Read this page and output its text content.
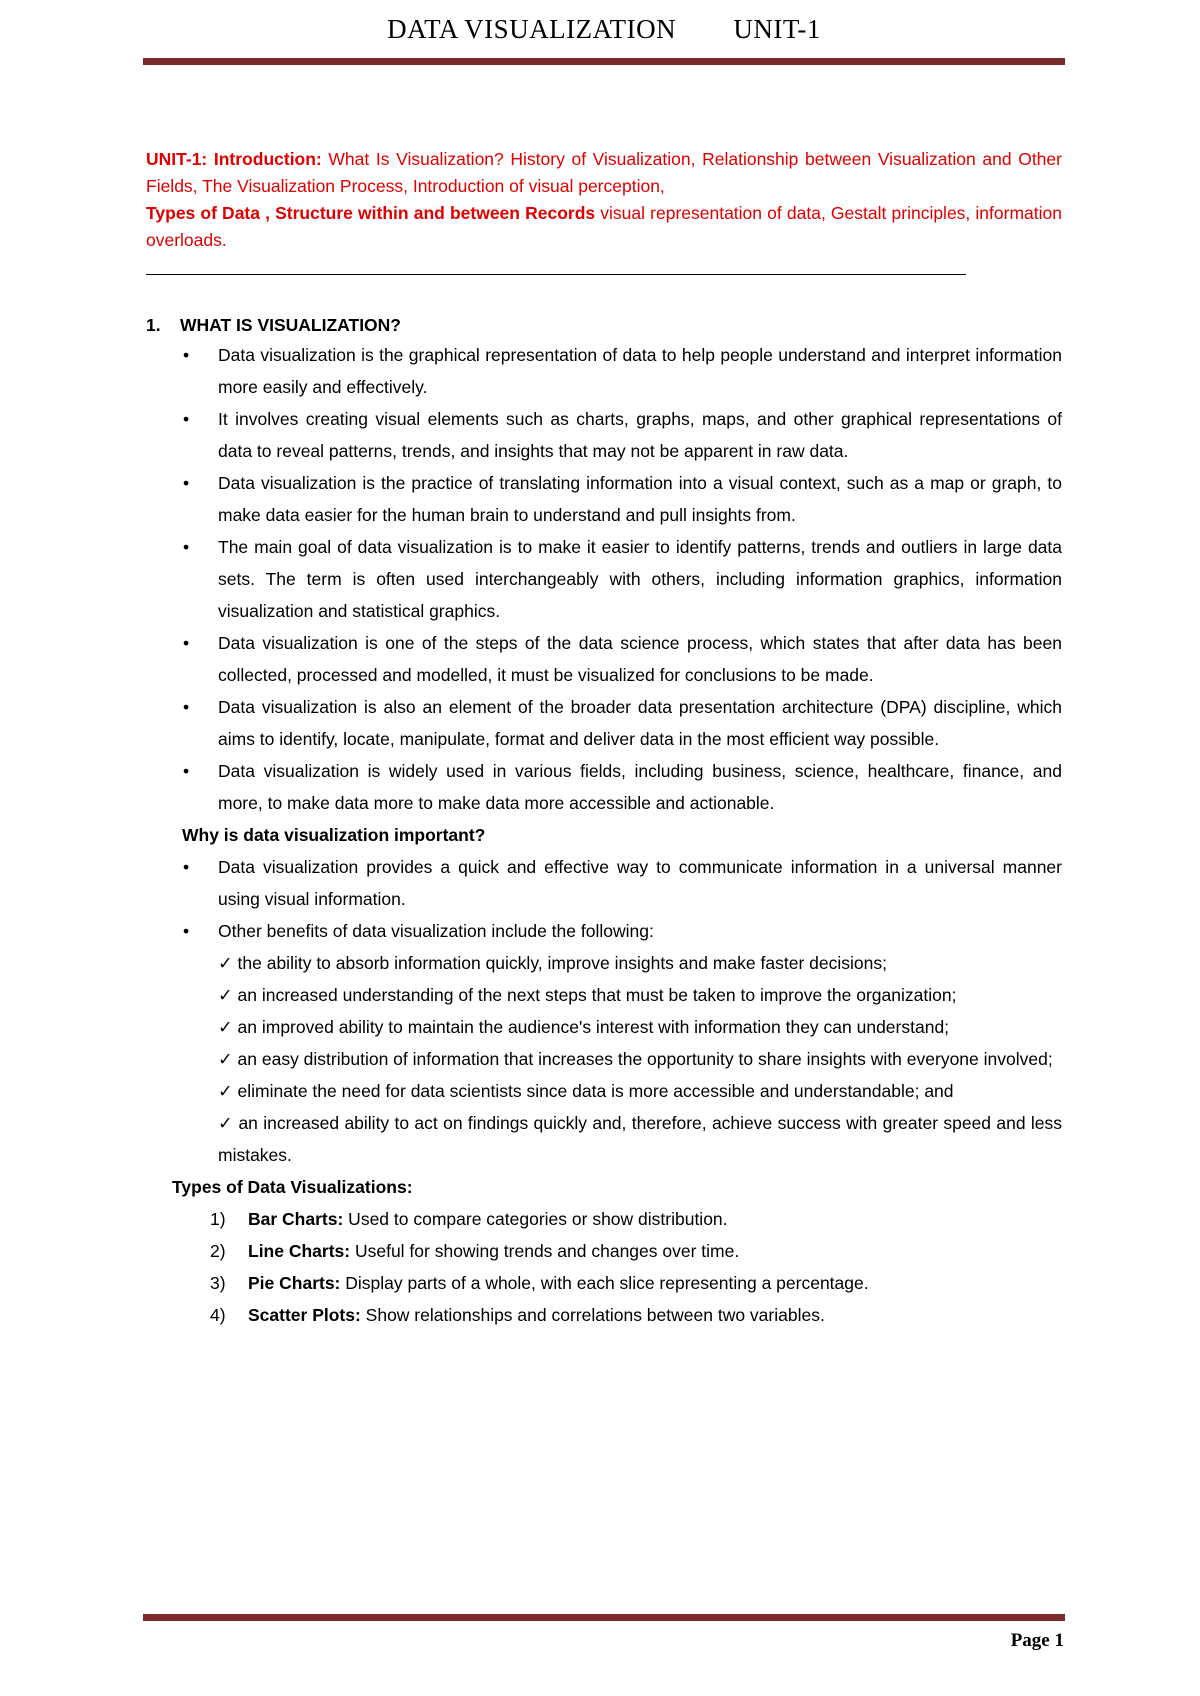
DATA VISUALIZATION UNIT-1

UNIT-1: Introduction: What Is Visualization? History of Visualization, Relationship between Visualization and Other Fields, The Visualization Process, Introduction of visual perception,
Types of Data , Structure within and between Records visual representation of data, Gestalt principles, information overloads.

1. WHAT IS VISUALIZATION?
• Data visualization is the graphical representation of data to help people understand and interpret information more easily and effectively.
• It involves creating visual elements such as charts, graphs, maps, and other graphical representations of data to reveal patterns, trends, and insights that may not be apparent in raw data.
• Data visualization is the practice of translating information into a visual context, such as a map or graph, to make data easier for the human brain to understand and pull insights from.
• The main goal of data visualization is to make it easier to identify patterns, trends and outliers in large data sets. The term is often used interchangeably with others, including information graphics, information visualization and statistical graphics.
• Data visualization is one of the steps of the data science process, which states that after data has been collected, processed and modelled, it must be visualized for conclusions to be made.
• Data visualization is also an element of the broader data presentation architecture (DPA) discipline, which aims to identify, locate, manipulate, format and deliver data in the most efficient way possible.
• Data visualization is widely used in various fields, including business, science, healthcare, finance, and more, to make data more to make data more accessible and actionable.
Why is data visualization important?
• Data visualization provides a quick and effective way to communicate information in a universal manner using visual information.
• Other benefits of data visualization include the following:
✓ the ability to absorb information quickly, improve insights and make faster decisions;
✓ an increased understanding of the next steps that must be taken to improve the organization;
✓ an improved ability to maintain the audience's interest with information they can understand;
✓ an easy distribution of information that increases the opportunity to share insights with everyone involved;
✓ eliminate the need for data scientists since data is more accessible and understandable; and
✓ an increased ability to act on findings quickly and, therefore, achieve success with greater speed and less mistakes.
Types of Data Visualizations:
1) Bar Charts: Used to compare categories or show distribution.
2) Line Charts: Useful for showing trends and changes over time.
3) Pie Charts: Display parts of a whole, with each slice representing a percentage.
4) Scatter Plots: Show relationships and correlations between two variables.
Page 1
